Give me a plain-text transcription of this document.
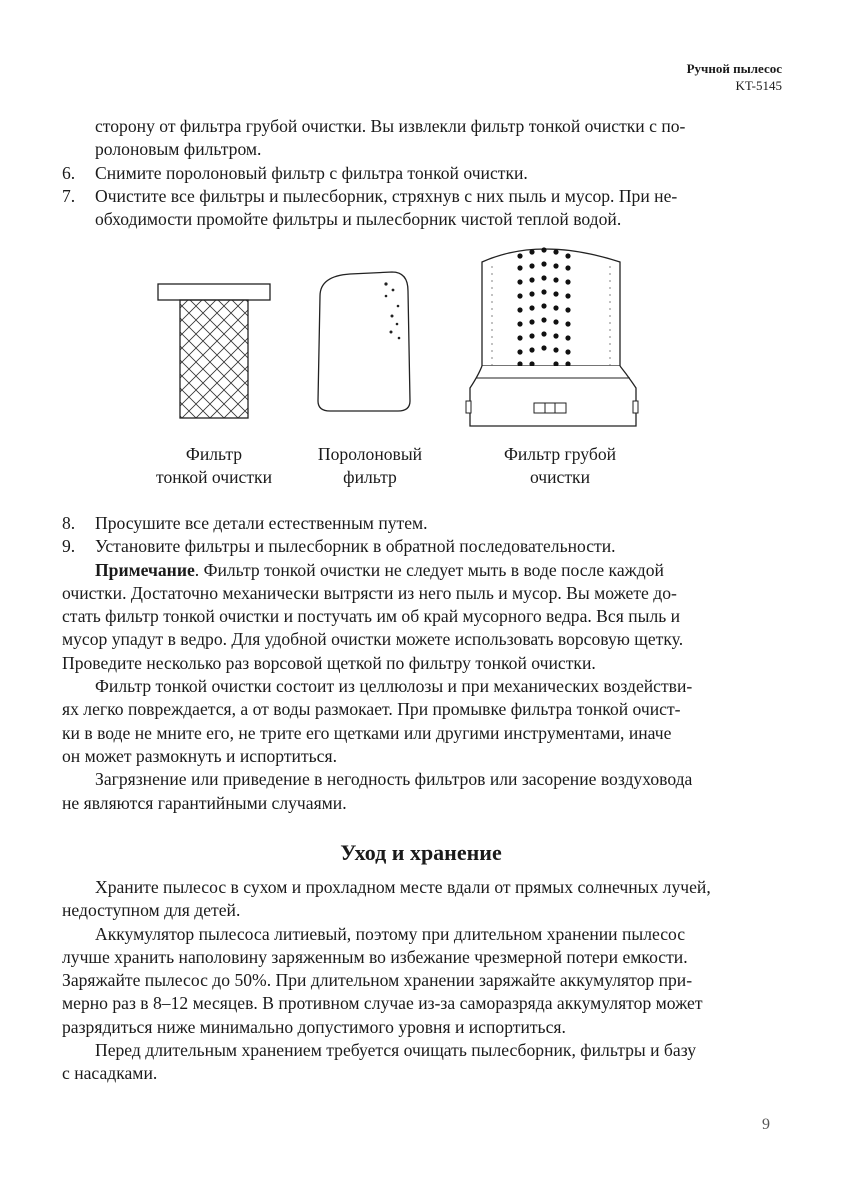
Ручной пылесос
KT-5145
сторону от фильтра грубой очистки. Вы извлекли фильтр тонкой очистки с по-
ролоновым фильтром.
6.	Снимите поролоновый фильтр с фильтра тонкой очистки.
7.	Очистите все фильтры и пылесборник, стряхнув с них пыль и мусор. При не-
обходимости промойте фильтры и пылесборник чистой теплой водой.
Фильтр
тонкой очистки
Поролоновый
фильтр
Фильтр грубой
очистки
8.	Просушите все детали естественным путем.
9.	Установите фильтры и пылесборник в обратной последовательности.
Примечание . Фильтр тонкой очистки не следует мыть в воде после каждой
очистки. Достаточно механически вытрясти из него пыль и мусор. Вы можете до-
стать фильтр тонкой очистки и постучать им об край мусорного ведра. Вся пыль и
мусор упадут в ведро. Для удобной очистки можете использовать ворсовую щетку.
Проведите несколько раз ворсовой щеткой по фильтру тонкой очистки.
Фильтр тонкой очистки состоит из целлюлозы и при механических воздействи-
ях легко повреждается, а от воды размокает. При промывке фильтра тонкой очист-
ки в воде не мните его, не трите его щетками или другими инструментами, иначе
он может размокнуть и испортиться.
Загрязнение или приведение в негодность фильтров или засорение воздуховода
не являются гарантийными случаями.
Уход и хранение
Храните пылесос в сухом и прохладном месте вдали от прямых солнечных лучей,
недоступном для детей.
Аккумулятор пылесоса литиевый, поэтому при длительном хранении пылесос
лучше хранить наполовину заряженным во избежание чрезмерной потери емкости.
Заряжайте пылесос до 50%. При длительном хранении заряжайте аккумулятор при-
мерно раз в 8–12 месяцев. В противном случае из-за саморазряда аккумулятор может
разрядиться ниже минимально допустимого уровня и испортиться.
Перед длительным хранением требуется очищать пылесборник, фильтры и базу
с насадками.
9
